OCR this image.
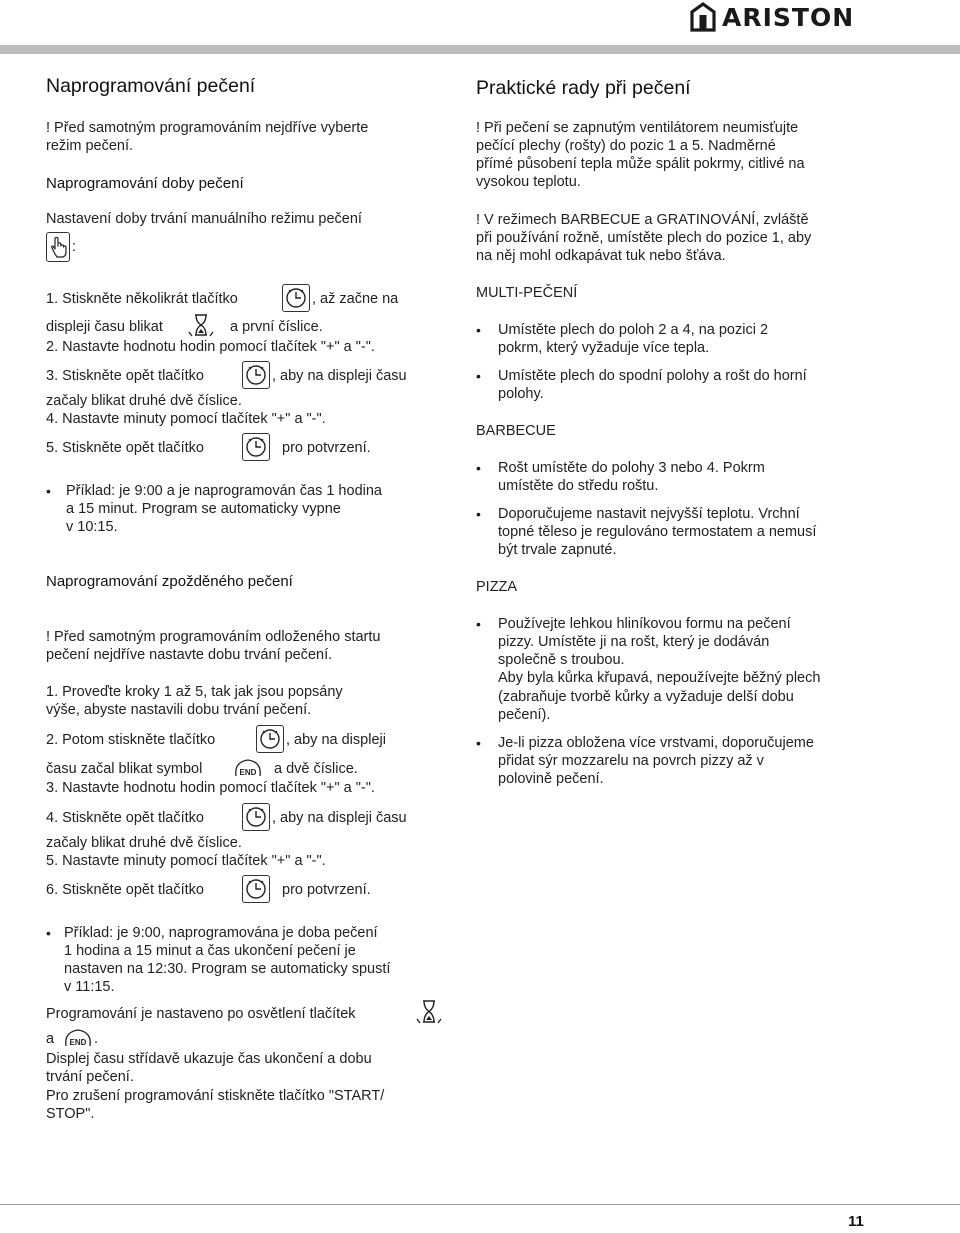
ARISTON
Naprogramování pečení
! Před samotným programováním nejdříve vyberte
režim pečení.
Naprogramování doby pečení
Nastavení doby trvání manuálního režimu pečení
:
1. Stiskněte několikrát tlačítko	, až začne na
displeji času blikat	a první číslice.
2. Nastavte hodnotu hodin pomocí tlačítek "+" a "-".
3. Stiskněte opět tlačítko	, aby na displeji času
začaly blikat druhé dvě číslice.
4. Nastavte minuty pomocí tlačítek "+" a "-".
5. Stiskněte opět tlačítko	pro potvrzení.
• Příklad: je 9:00 a je naprogramován čas 1 hodina
a 15 minut. Program se automaticky vypne
v 10:15.
Naprogramování zpožděného pečení
! Před samotným programováním odloženého startu
pečení nejdříve nastavte dobu trvání pečení.
1. Proveďte kroky 1 až 5, tak jak jsou popsány
výše, abyste nastavili dobu trvání pečení.
2. Potom stiskněte tlačítko	, aby na displeji
času začal blikat symbol	END a dvě číslice.
3. Nastavte hodnotu hodin pomocí tlačítek "+" a "-".
4. Stiskněte opět tlačítko	, aby na displeji času
začaly blikat druhé dvě číslice.
5. Nastavte minuty pomocí tlačítek "+" a "-".
6. Stiskněte opět tlačítko	pro potvrzení.
• Příklad: je 9:00, naprogramována je doba pečení
1 hodina a 15 minut a čas ukončení pečení je
nastaven na 12:30. Program se automaticky spustí
v 11:15.
Programování je nastaveno po osvětlení tlačítek
a END .
Displej času střídavě ukazuje čas ukončení a dobu
trvání pečení.
Pro zrušení programování stiskněte tlačítko "START/
STOP".
Praktické rady při pečení
! Při pečení se zapnutým ventilátorem neumisťujte
pečící plechy (rošty) do pozic 1 a 5. Nadměrné
přímé působení tepla může spálit pokrmy, citlivé na
vysokou teplotu.
! V režimech BARBECUE a GRATINOVÁNÍ, zvláště
při používání rožně, umístěte plech do pozice 1, aby
na něj mohl odkapávat tuk nebo šťáva.
MULTI-PEČENÍ
• Umístěte plech do poloh 2 a 4, na pozici 2
pokrm, který vyžaduje více tepla.
• Umístěte plech do spodní polohy a rošt do horní
polohy.
BARBECUE
• Rošt umístěte do polohy 3 nebo 4. Pokrm
umístěte do středu roštu.
• Doporučujeme nastavit nejvyšší teplotu. Vrchní
topné těleso je regulováno termostatem a nemusí
být trvale zapnuté.
PIZZA
• Používejte lehkou hliníkovou formu na pečení
pizzy. Umístěte ji na rošt, který je dodáván
společně s troubou.
Aby byla kůrka křupavá, nepoužívejte běžný plech
(zabraňuje tvorbě kůrky a vyžaduje delší dobu
pečení).
• Je-li pizza obložena více vrstvami, doporučujeme
přidat sýr mozzarelu na povrch pizzy až v
polovině pečení.
11
